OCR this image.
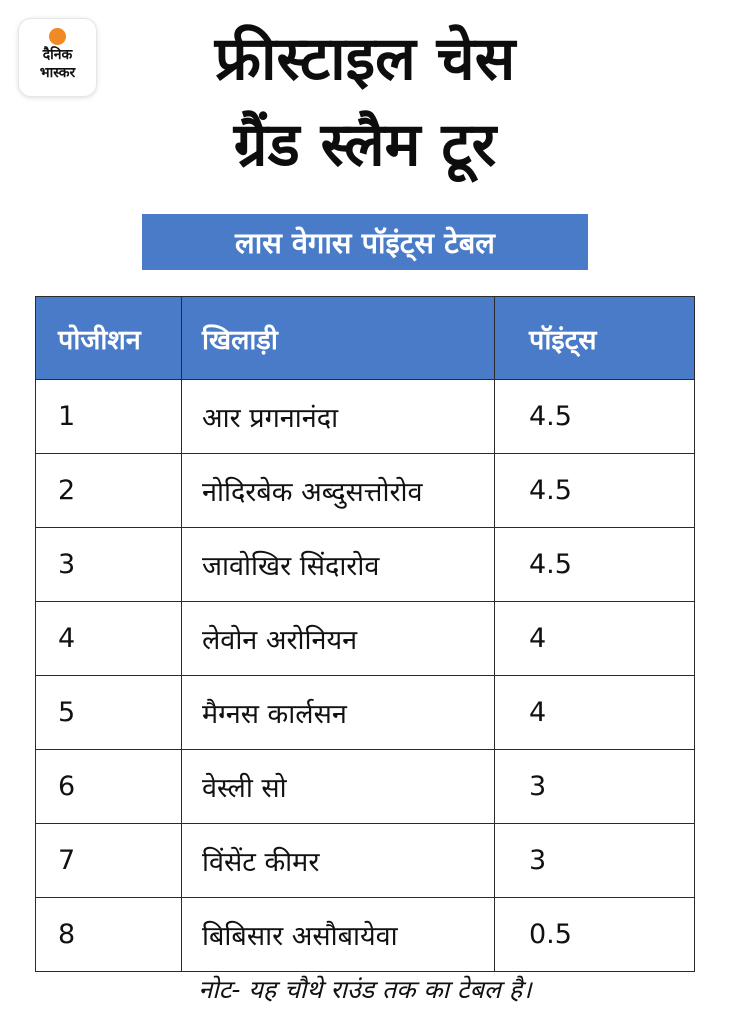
दैनिक
भास्कर	फ्रीस्टाइल चेस
ग्रैंड स्लैम टूर
लास वेगास पॉइंट्स टेबल
पोजीशन	खिलाड़ी	पॉइंट्स
1	आर प्रगनानंदा	4.5
2	नोदिरबेक अब्दुसत्तोरोव	4.5
3	जावोखिर सिंदारोव	4.5
4	लेवोन अरोनियन	4
5	मैग्नस कार्लसन	4
6	वेस्ली सो	3
7	विंसेंट कीमर	3
8	बिबिसार असौबायेवा	0.5
नोट- यह चौथे राउंड तक का टेबल है।
